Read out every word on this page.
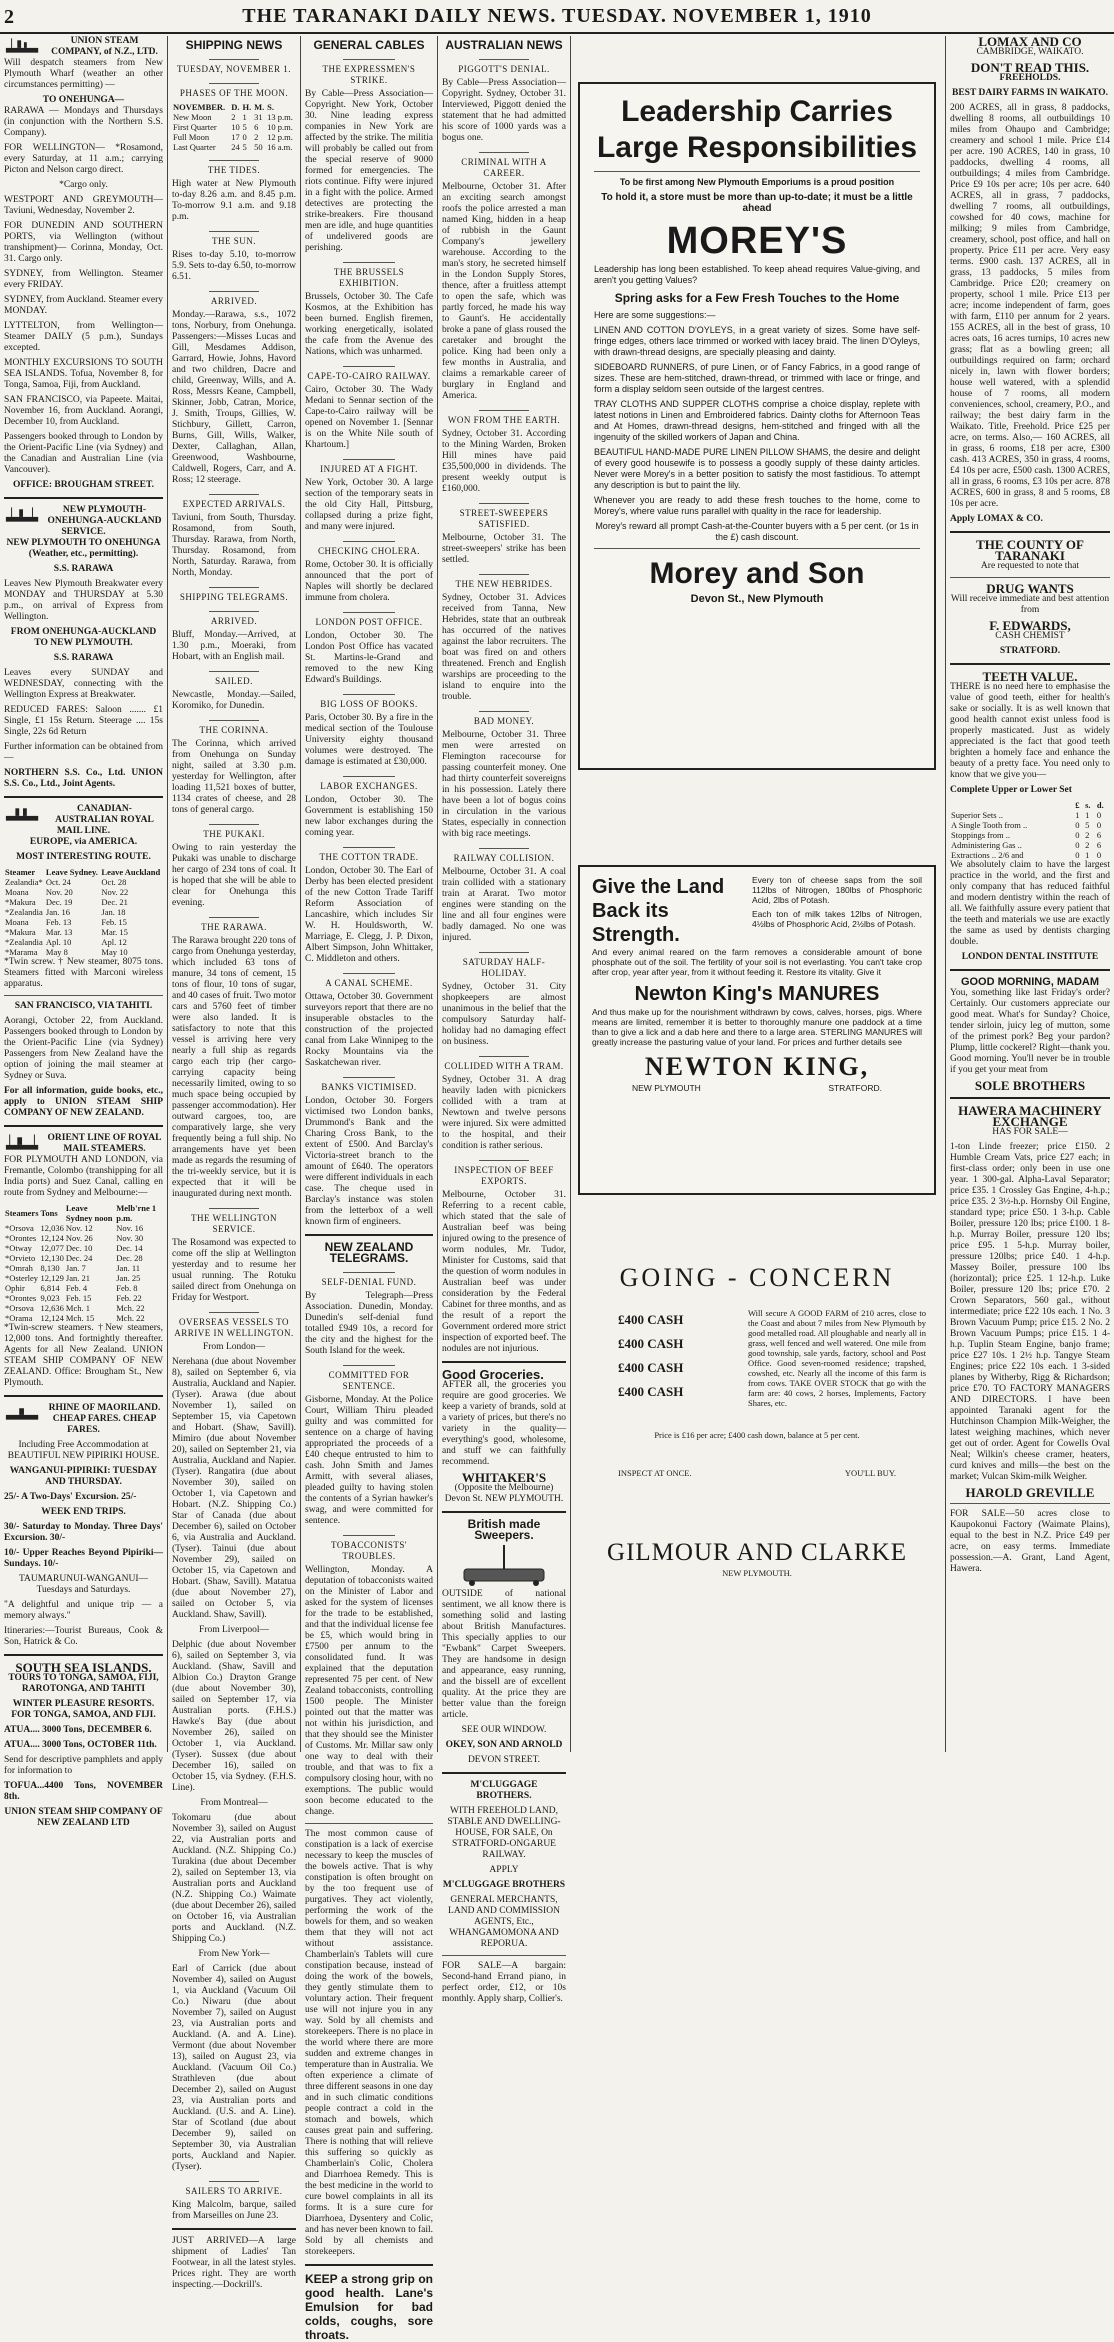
2	THE TARANAKI DAILY NEWS. TUESDAY. NOVEMBER 1, 1910
UNION STEAM COMPANY, of N.Z., LTD.

Will despatch steamers from New Plymouth Wharf (weather an other circumstances permitting) —

TO ONEHUNGA—

RARAWA — Mondays and Thursdays (in conjunction with the Northern S.S. Company).

FOR WELLINGTON— *Rosamond, every Saturday, at 11 a.m.; carrying Picton and Nelson cargo direct.

*Cargo only.

WESTPORT AND GREYMOUTH— Taviuni, Wednesday, November 2.

FOR DUNEDIN AND SOUTHERN PORTS, via Wellington (without transhipment)— Corinna, Monday, Oct. 31. Cargo only.

SYDNEY, from Wellington. Steamer every FRIDAY.

SYDNEY, from Auckland. Steamer every MONDAY.

LYTTELTON, from Wellington— Steamer DAILY (5 p.m.), Sundays excepted.

MONTHLY EXCURSIONS TO SOUTH SEA ISLANDS. Tofua, November 8, for Tonga, Samoa, Fiji, from Auckland.

SAN FRANCISCO, via Papeete. Maitai, November 16, from Auckland. Aorangi, December 10, from Auckland.

Passengers booked through to London by the Orient-Pacific Line (via Sydney) and the Canadian and Australian Line (via Vancouver).

OFFICE: BROUGHAM STREET.

NEW PLYMOUTH-ONEHUNGA-AUCKLAND SERVICE.

NEW PLYMOUTH TO ONEHUNGA (Weather, etc., permitting).

S.S. RARAWA

Leaves New Plymouth Breakwater every MONDAY and THURSDAY at 5.30 p.m., on arrival of Express from Wellington.

FROM ONEHUNGA-AUCKLAND TO NEW PLYMOUTH.

S.S. RARAWA

Leaves every SUNDAY and WEDNESDAY, connecting with the Wellington Express at Breakwater.

REDUCED FARES: Saloon ....... £1 Single, £1 15s Return. Steerage .... 15s Single, 22s 6d Return

Further information can be obtained from—

NORTHERN S.S. Co., Ltd. UNION S.S. Co., Ltd., Joint Agents.

CANADIAN-AUSTRALIAN ROYAL MAIL LINE.

EUROPE, via AMERICA.

MOST INTERESTING ROUTE.

Steamer	Leave Sydney.	Leave Auckland
Zealandia*	Oct. 24	Oct. 28
Moana	Nov. 20	Nov. 22
*Makura	Dec. 19	Dec. 21
*Zealandia	Jan. 16	Jan. 18
Moana	Feb. 13	Feb. 15
*Makura	Mar. 13	Mar. 15
*Zealandia	Apl. 10	Apl. 12
*Marama	May 8	May 10

*Twin screw. † New steamer, 8075 tons. Steamers fitted with Marconi wireless apparatus.

SAN FRANCISCO, VIA TAHITI.

Aorangi, October 22, from Auckland. Passengers booked through to London by the Orient-Pacific Line (via Sydney) Passengers from New Zealand have the option of joining the mail steamer at Sydney or Suva.

For all information, guide books, etc., apply to UNION STEAM SHIP COMPANY OF NEW ZEALAND.

ORIENT LINE OF ROYAL MAIL STEAMERS.

FOR PLYMOUTH AND LONDON, via Fremantle, Colombo (transhipping for all India ports) and Suez Canal, calling en route from Sydney and Melbourne:—

Steamers	Tons	Leave Sydney noon	Melb'rne 1 p.m.
*Orsova	12,036	Nov. 12	Nov. 16
*Orontes	12,124	Nov. 26	Nov. 30
*Otway	12,077	Dec. 10	Dec. 14
*Orvieto	12,130	Dec. 24	Dec. 28
*Omrah	8,130	Jan. 7	Jan. 11
*Osterley	12,129	Jan. 21	Jan. 25
Ophir	6,814	Feb. 4	Feb. 8
*Orontes	9,023	Feb. 15	Feb. 22
*Orsova	12,636	Mch. 1	Mch. 22
*Orama	12,124	Mch. 15	Mch. 22

*Twin-screw steamers. †New steamers, 12,000 tons. And fortnightly thereafter. Agents for all New Zealand. UNION STEAM SHIP COMPANY OF NEW ZEALAND. Office: Brougham St., New Plymouth.

RHINE OF MAORILAND.

CHEAP FARES. CHEAP FARES.

Including Free Accommodation at BEAUTIFUL NEW PIPIRIKI HOUSE.

WANGANUI-PIPIRIKI: TUESDAY AND THURSDAY.

25/- A Two-Days' Excursion. 25/-

WEEK END TRIPS.

30/- Saturday to Monday. Three Days' Excursion. 30/-

10/- Upper Reaches Beyond Pipiriki—Sundays. 10/-

TAUMARUNUI-WANGANUI— Tuesdays and Saturdays.

"A delightful and unique trip — a memory always."

Itineraries:—Tourist Bureaus, Cook & Son, Hatrick & Co.

SOUTH SEA ISLANDS.

TOURS TO TONGA, SAMOA, FIJI, RAROTONGA, AND TAHITI

WINTER PLEASURE RESORTS. FOR TONGA, SAMOA, AND FIJI.

ATUA.... 3000 Tons, DECEMBER 6.

ATUA.... 3000 Tons, OCTOBER 11th.

Send for descriptive pamphlets and apply for information to

TOFUA...4400 Tons, NOVEMBER 8th.

UNION STEAM SHIP COMPANY OF NEW ZEALAND LTD

SHIPPING NEWS
TUESDAY, NOVEMBER 1.
PHASES OF THE MOON.
NOVEMBER.	D.	H.	M.	S.
New Moon	2	1	31	13 p.m.
First Quarter	10	5	6	10 p.m.
Full Moon	17	0	2	12 p.m.
Last Quarter	24	5	50	16 a.m.
THE TIDES.

High water at New Plymouth to-day 8.26 a.m. and 8.45 p.m. To-morrow 9.1 a.m. and 9.18 p.m.

THE SUN.

Rises to-day 5.10, to-morrow 5.9. Sets to-day 6.50, to-morrow 6.51.

ARRIVED.

Monday.—Rarawa, s.s., 1072 tons, Norbury, from Onehunga. Passengers:—Misses Lucas and Gill, Mesdames Addison, Garrard, Howie, Johns, Havord and two children, Dacre and child, Greenway, Wills, and A. Ross, Messrs Keane, Campbell, Skinner, Jobb, Catran, Morice, J. Smith, Troups, Gillies, W. Stichbury, Gillett, Carron, Burns, Gill, Wills, Walker, Dexter, Callaghan, Allan, Greenwood, Washbourne, Caldwell, Rogers, Carr, and A. Ross; 12 steerage.

EXPECTED ARRIVALS.

Taviuni, from South, Thursday. Rosamond, from South, Thursday. Rarawa, from North, Thursday. Rosamond, from North, Saturday. Rarawa, from North, Monday.

SHIPPING TELEGRAMS.
ARRIVED.

Bluff, Monday.—Arrived, at 1.30 p.m., Moeraki, from Hobart, with an English mail.

SAILED.

Newcastle, Monday.—Sailed, Koromiko, for Dunedin.

THE CORINNA.

The Corinna, which arrived from Onehunga on Sunday night, sailed at 3.30 p.m. yesterday for Wellington, after loading 11,521 boxes of butter, 1134 crates of cheese, and 28 tons of general cargo.

THE PUKAKI.

Owing to rain yesterday the Pukaki was unable to discharge her cargo of 234 tons of coal. It is hoped that she will be able to clear for Onehunga this evening.

THE RARAWA.

The Rarawa brought 220 tons of cargo from Onehunga yesterday, which included 63 tons of manure, 34 tons of cement, 15 tons of flour, 10 tons of sugar, and 40 cases of fruit. Two motor cars and 5760 feet of timber were also landed. It is satisfactory to note that this vessel is arriving here very nearly a full ship as regards cargo each trip (her cargo-carrying capacity being necessarily limited, owing to so much space being occupied by passenger accommodation). Her outward cargoes, too, are comparatively large, she very frequently being a full ship. No arrangements have yet been made as regards the resuming of the tri-weekly service, but it is expected that it will be inaugurated during next month.

THE WELLINGTON SERVICE.

The Rosamond was expected to come off the slip at Wellington yesterday and to resume her usual running. The Rotuku sailed direct from Onehunga on Friday for Westport.

OVERSEAS VESSELS TO ARRIVE IN WELLINGTON.

From London—

Nerehana (due about November 8), sailed on September 6, via Australia, Auckland and Napier. (Tyser). Arawa (due about November 1), sailed on September 15, via Capetown and Hobart. (Shaw, Savill). Mimiro (due about November 20), sailed on September 21, via Australia, Auckland and Napier. (Tyser). Rangatira (due about November 30), sailed on October 1, via Capetown and Hobart. (N.Z. Shipping Co.) Star of Canada (due about December 6), sailed on October 6, via Australia and Auckland. (Tyser). Tainui (due about November 29), sailed on October 15, via Capetown and Hobart. (Shaw, Savill). Matatua (due about November 27), sailed on October 5, via Auckland. Shaw, Savill).

From Liverpool—

Delphic (due about November 6), sailed on September 3, via Auckland. (Shaw, Savill and Albion Co.) Drayton Grange (due about November 30), sailed on September 17, via Australian ports. (F.H.S.) Hawke's Bay (due about November 26), sailed on October 1, via Auckland. (Tyser). Sussex (due about December 16), sailed on October 15, via Sydney. (F.H.S. Line).

From Montreal—

Tokomaru (due about November 3), sailed on August 22, via Australian ports and Auckland. (N.Z. Shipping Co.) Turakina (due about December 2), sailed on September 13, via Australian ports and Auckland (N.Z. Shipping Co.) Waimate (due about December 26), sailed on October 16, via Australian ports and Auckland. (N.Z. Shipping Co.)

From New York—

Earl of Carrick (due about November 4), sailed on August 1, via Auckland (Vacuum Oil Co.) Niwaru (due about November 7), sailed on August 23, via Australian ports and Auckland. (A. and A. Line). Vermont (due about November 13), sailed on August 23, via Auckland. (Vacuum Oil Co.) Strathleven (due about December 2), sailed on August 23, via Australian ports and Auckland. (U.S. and A. Line). Star of Scotland (due about December 9), sailed on September 30, via Australian ports, Auckland and Napier. (Tyser).

SAILERS TO ARRIVE.

King Malcolm, barque, sailed from Marseilles on June 23.

JUST ARRIVED—A large shipment of Ladies' Tan Footwear, in all the latest styles. Prices right. They are worth inspecting.—Dockrill's.

GENERAL CABLES
THE EXPRESSMEN'S STRIKE.

By Cable—Press Association—Copyright. New York, October 30. Nine leading express companies in New York are affected by the strike. The militia will probably be called out from the special reserve of 9000 formed for emergencies. The riots continue. Fifty were injured in a fight with the police. Armed detectives are protecting the strike-breakers. Fire thousand men are idle, and huge quantities of undelivered goods are perishing.

THE BRUSSELS EXHIBITION.

Brussels, October 30. The Cafe Kosmos, at the Exhibition has been burned. English firemen, working energetically, isolated the cafe from the Avenue des Nations, which was unharmed.

CAPE-TO-CAIRO RAILWAY.

Cairo, October 30. The Wady Medani to Sennar section of the Cape-to-Cairo railway will be opened on November 1. [Sennar is on the White Nile south of Khartoum.]

INJURED AT A FIGHT.

New York, October 30. A large section of the temporary seats in the old City Hall, Pittsburg, collapsed during a prize fight, and many were injured.

CHECKING CHOLERA.

Rome, October 30. It is officially announced that the port of Naples will shortly be declared immune from cholera.

LONDON POST OFFICE.

London, October 30. The London Post Office has vacated St. Martins-le-Grand and removed to the new King Edward's Buildings.

BIG LOSS OF BOOKS.

Paris, October 30. By a fire in the medical section of the Toulouse University eighty thousand volumes were destroyed. The damage is estimated at £30,000.

LABOR EXCHANGES.

London, October 30. The Government is establishing 150 new labor exchanges during the coming year.

THE COTTON TRADE.

London, October 30. The Earl of Derby has been elected president of the new Cotton Trade Tariff Reform Association of Lancashire, which includes Sir W. H. Houldsworth, W. Marriage, E. Clegg, J. P. Dixon, Albert Simpson, John Whittaker, C. Middleton and others.

A CANAL SCHEME.

Ottawa, October 30. Government surveyors report that there are no insuperable obstacles to the construction of the projected canal from Lake Winnipeg to the Rocky Mountains via the Saskatchewan river.

BANKS VICTIMISED.

London, October 30. Forgers victimised two London banks, Drummond's Bank and the Charing Cross Bank, to the extent of £500. And Barclay's Victoria-street branch to the amount of £640. The operators were different individuals in each case. The cheque used in Barclay's instance was stolen from the letterbox of a well known firm of engineers.

NEW ZEALAND TELEGRAMS.
SELF-DENIAL FUND.

By Telegraph—Press Association. Dunedin, Monday. Dunedin's self-denial fund totalled £949 10s, a record for the city and the highest for the South Island for the week.

COMMITTED FOR SENTENCE.

Gisborne, Monday. At the Police Court, William Thiru pleaded guilty and was committed for sentence on a charge of having appropriated the proceeds of a £40 cheque entrusted to him to cash. John Smith and James Armitt, with several aliases, pleaded guilty to having stolen the contents of a Syrian hawker's swag, and were committed for sentence.

TOBACCONISTS' TROUBLES.

Wellington, Monday. A deputation of tobacconists waited on the Minister of Labor and asked for the system of licenses for the trade to be established, and that the individual license fee be £5, which would bring in £7500 per annum to the consolidated fund. It was explained that the deputation represented 75 per cent. of New Zealand tobacconists, controlling 1500 people. The Minister pointed out that the matter was not within his jurisdiction, and that they should see the Minister of Customs. Mr. Millar saw only one way to deal with their trouble, and that was to fix a compulsory closing hour, with no exemptions. The public would soon become educated to the change.

The most common cause of constipation is a lack of exercise necessary to keep the muscles of the bowels active. That is why constipation is often brought on by the too frequent use of purgatives. They act violently, performing the work of the bowels for them, and so weaken them that they will not act without assistance. Chamberlain's Tablets will cure constipation because, instead of doing the work of the bowels, they gently stimulate them to voluntary action. Their frequent use will not injure you in any way. Sold by all chemists and storekeepers. There is no place in the world where there are more sudden and extreme changes in temperature than in Australia. We often experience a climate of three different seasons in one day and in such climatic conditions people contract a cold in the stomach and bowels, which causes great pain and suffering. There is nothing that will relieve this suffering so quickly as Chamberlain's Colic, Cholera and Diarrhoea Remedy. This is the best medicine in the world to cure bowel complaints in all its forms. It is a sure cure for Diarrhoea, Dysentery and Colic, and has never been known to fail. Sold by all chemists and storekeepers.

KEEP a strong grip on good health. Lane's Emulsion for bad colds, coughs, sore throats.

AUSTRALIAN NEWS
PIGGOTT'S DENIAL.

By Cable—Press Association—Copyright. Sydney, October 31. Interviewed, Piggott denied the statement that he had admitted his score of 1000 yards was a bogus one.

CRIMINAL WITH A CAREER.

Melbourne, October 31. After an exciting search amongst roofs the police arrested a man named King, hidden in a heap of rubbish in the Gaunt Company's jewellery warehouse. According to the man's story, he secreted himself in the London Supply Stores, thence, after a fruitless attempt to open the safe, which was partly forced, he made his way to Gaunt's. He accidentally broke a pane of glass roused the caretaker and brought the police. King had been only a few months in Australia, and claims a remarkable career of burglary in England and America.

WON FROM THE EARTH.

Sydney, October 31. According to the Mining Warden, Broken Hill mines have paid £35,500,000 in dividends. The present weekly output is £160,000.

STREET-SWEEPERS SATISFIED.

Melbourne, October 31. The street-sweepers' strike has been settled.

THE NEW HEBRIDES.

Sydney, October 31. Advices received from Tanna, New Hebrides, state that an outbreak has occurred of the natives against the labor recruiters. The boat was fired on and others threatened. French and English warships are proceeding to the island to enquire into the trouble.

BAD MONEY.

Melbourne, October 31. Three men were arrested on Flemington racecourse for passing counterfeit money. One had thirty counterfeit sovereigns in his possession. Lately there have been a lot of bogus coins in circulation in the various States, especially in connection with big race meetings.

RAILWAY COLLISION.

Melbourne, October 31. A coal train collided with a stationary train at Ararat. Two motor engines were standing on the line and all four engines were badly damaged. No one was injured.

SATURDAY HALF-HOLIDAY.

Sydney, October 31. City shopkeepers are almost unanimous in the belief that the compulsory Saturday half-holiday had no damaging effect on business.

COLLIDED WITH A TRAM.

Sydney, October 31. A drag heavily laden with picnickers collided with a tram at Newtown and twelve persons were injured. Six were admitted to the hospital, and their condition is rather serious.

INSPECTION OF BEEF EXPORTS.

Melbourne, October 31. Referring to a recent cable, which stated that the sale of Australian beef was being injured owing to the presence of worm nodules, Mr. Tudor, Minister for Customs, said that the question of worm nodules in Australian beef was under consideration by the Federal Cabinet for three months, and as the result of a report the Government ordered more strict inspection of exported beef. The nodules are not injurious.

Good Groceries.

AFTER all, the groceries you require are good groceries. We keep a variety of brands, sold at a variety of prices, but there's no variety in the quality—everything's good, wholesome, and stuff we can faithfully recommend.

WHITAKER'S

(Opposite the Melbourne) Devon St. NEW PLYMOUTH.

British made Sweepers.

OUTSIDE of national sentiment, we all know there is something solid and lasting about British Manufactures. This specially applies to our "Ewbank" Carpet Sweepers. They are handsome in design and appearance, easy running, and the bissell are of excellent quality. At the price they are better value than the foreign article.

SEE OUR WINDOW.

OKEY, SON AND ARNOLD

DEVON STREET.

M'CLUGGAGE BROTHERS.

WITH FREEHOLD LAND, STABLE AND DWELLING-HOUSE, FOR SALE, On STRATFORD-ONGARUE RAILWAY.

APPLY

M'CLUGGAGE BROTHERS

GENERAL MERCHANTS, LAND AND COMMISSION AGENTS, Etc., WHANGAMOMONA AND REPORUA.

FOR SALE—A bargain: Second-hand Errand piano, in perfect order, £12, or 10s monthly. Apply sharp, Collier's.

Leadership Carries Large Responsibilities

To be first among New Plymouth Emporiums is a proud position

To hold it, a store must be more than up-to-date; it must be a little ahead

MOREY'S

Leadership has long been established. To keep ahead requires Value-giving, and aren't you getting Values?

Spring asks for a Few Fresh Touches to the Home

Here are some suggestions:—

LINEN AND COTTON D'OYLEYS, in a great variety of sizes. Some have self-fringe edges, others lace trimmed or worked with lacey braid. The linen D'Oyleys, with drawn-thread designs, are specially pleasing and dainty.

SIDEBOARD RUNNERS, of pure Linen, or of Fancy Fabrics, in a good range of sizes. These are hem-stitched, drawn-thread, or trimmed with lace or fringe, and form a display seldom seen outside of the largest centres.

TRAY CLOTHS AND SUPPER CLOTHS comprise a choice display, replete with latest notions in Linen and Embroidered fabrics. Dainty cloths for Afternoon Teas and At Homes, drawn-thread designs, hem-stitched and fringed with all the ingenuity of the skilled workers of Japan and China.

BEAUTIFUL HAND-MADE PURE LINEN PILLOW SHAMS, the desire and delight of every good housewife is to possess a goodly supply of these dainty articles. Never were Morey's in a better position to satisfy the most fastidious. To attempt any description is but to paint the lily.

Whenever you are ready to add these fresh touches to the home, come to Morey's, where value runs parallel with quality in the race for leadership.

Morey's reward all prompt Cash-at-the-Counter buyers with a 5 per cent. (or 1s in the £) cash discount.

Morey and Son

Devon St., New Plymouth

Give the Land Back its Strength.

Every ton of cheese saps from the soil 112lbs of Nitrogen, 180lbs of Phosphoric Acid, 2lbs of Potash.

Each ton of milk takes 12lbs of Nitrogen, 4½lbs of Phosphoric Acid, 2½lbs of Potash.

And every animal reared on the farm removes a considerable amount of bone phosphate out of the soil. The fertility of your soil is not everlasting. You can't take crop after crop, year after year, from it without feeding it. Restore its vitality. Give it

Newton King's MANURES

And thus make up for the nourishment withdrawn by cows, calves, horses, pigs. Where means are limited, remember it is better to thoroughly manure one paddock at a time than to give a lick and a dab here and there to a large area. STERLING MANURES will greatly increase the pasturing value of your land. For prices and further details see

NEWTON KING,
NEW PLYMOUTH	STRATFORD.
GOING - CONCERN
£400 CASH
£400 CASH
£400 CASH
£400 CASH

Will secure A GOOD FARM of 210 acres, close to the Coast and about 7 miles from New Plymouth by good metalled road. All ploughable and nearly all in grass, well fenced and well watered. One mile from good township, sale yards, factory, school and Post Office. Good seven-roomed residence; trapshed, cowshed, etc. Nearly all the income of this farm is from cows. TAKE OVER STOCK that go with the farm are: 40 cows, 2 horses, Implements, Factory Shares, etc.

Price is £16 per acre; £400 cash down, balance at 5 per cent.

INSPECT AT ONCE.	YOU'LL BUY.
GILMOUR AND CLARKE

NEW PLYMOUTH.

LOMAX AND CO

CAMBRIDGE, WAIKATO.

DON'T READ THIS.

FREEHOLDS.

BEST DAIRY FARMS IN WAIKATO.

200 ACRES, all in grass, 8 paddocks, dwelling 8 rooms, all outbuildings 10 miles from Ohaupo and Cambridge; creamery and school 1 mile. Price £14 per acre. 190 ACRES, 140 in grass, 10 paddocks, dwelling 4 rooms, all outbuildings; 4 miles from Cambridge. Price £9 10s per acre; 10s per acre. 640 ACRES, all in grass, 7 paddocks, dwelling 7 rooms, all outbuildings, cowshed for 40 cows, machine for milking; 9 miles from Cambridge, creamery, school, post office, and hall on property. Price £11 per acre. Very easy terms. £900 cash. 137 ACRES, all in grass, 13 paddocks, 5 miles from Cambridge. Price £20; creamery on property, school 1 mile. Price £13 per acre; income independent of farm, goes with farm, £110 per annum for 2 years. 155 ACRES, all in the best of grass, 10 acres oats, 16 acres turnips, 10 acres new grass; flat as a bowling green; all outbuildings required on farm; orchard nicely in, lawn with flower borders; house well watered, with a splendid house of 7 rooms, all modern conveniences, school, creamery, P.O., and railway; the best dairy farm in the Waikato. Title, Freehold. Price £25 per acre, on terms. Also,— 160 ACRES, all in grass, 6 rooms, £18 per acre, £300 cash. 413 ACRES, 350 in grass, 4 rooms, £4 10s per acre, £500 cash. 1300 ACRES, all in grass, 6 rooms, £3 10s per acre. 878 ACRES, 600 in grass, 8 and 5 rooms, £8 10s per acre.

Apply LOMAX & CO.

THE COUNTY OF TARANAKI

Are requested to note that

DRUG WANTS

Will receive immediate and best attention from

F. EDWARDS,

CASH CHEMIST

STRATFORD.

TEETH VALUE.

THERE is no need here to emphasise the value of good teeth, either for health's sake or socially. It is as well known that good health cannot exist unless food is properly masticated. Just as widely appreciated is the fact that good teeth brighten a homely face and enhance the beauty of a pretty face. You need only to know that we give you—

Complete Upper or Lower Set

	£	s.	d.
Superior Sets ..	1	1	0
A Single Tooth from ..	0	5	0
Stoppings from ..	0	2	6
Administering Gas ..	0	2	6
Extractions .. 2/6 and	0	1	0

We absolutely claim to have the largest practice in the world, and the first and only company that has reduced faithful and modern dentistry within the reach of all. We faithfully assure every patient that the teeth and materials we use are exactly the same as used by dentists charging double.

LONDON DENTAL INSTITUTE

GOOD MORNING, MADAM

You, something like last Friday's order? Certainly. Our customers appreciate our good meat. What's for Sunday? Choice, tender sirloin, juicy leg of mutton, some of the primest pork? Beg your pardon? Plump, little cockerel? Right—thank you. Good morning. You'll never be in trouble if you get your meat from

SOLE BROTHERS
HAWERA MACHINERY EXCHANGE

HAS FOR SALE—

1-ton Linde freezer; price £150. 2 Humble Cream Vats, price £27 each; in first-class order; only been in use one year. 1 300-gal. Alpha-Laval Separator; price £35. 1 Crossley Gas Engine, 4-h.p.; price £35. 2 3½-h.p. Hornsby Oil Engine, standard type; price £50. 1 3-h.p. Cable Boiler, pressure 120 lbs; price £100. 1 8-h.p. Murray Boiler, pressure 120 lbs; price £95. 1 5-h.p. Murray boiler, pressure 120lbs; price £40. 1 4-h.p. Massey Boiler, pressure 100 lbs (horizontal); price £25. 1 12-h.p. Luke Boiler, pressure 120 lbs; price £70. 2 Crown Separators, 560 gal., without intermediate; price £22 10s each. 1 No. 3 Brown Vacuum Pump; price £15. 2 No. 2 Brown Vacuum Pumps; price £15. 1 4-h.p. Tuplin Steam Engine, banjo frame; price £27 10s. 1 2½ h.p. Tangye Steam Engines; price £22 10s each. 1 3-sided planes by Witherby, Rigg & Richardson; price £70. TO FACTORY MANAGERS AND DIRECTORS. I have been appointed Taranaki agent for the Hutchinson Champion Milk-Weigher, the latest weighing machines, which never get out of order. Agent for Cowells Oval Neal; Wilkin's cheese cramer, heaters, curd knives and mills—the best on the market; Vulcan Skim-milk Weigher.

HAROLD GREVILLE

FOR SALE—50 acres close to Kaupokonui Factory (Waimate Plains), equal to the best in N.Z. Price £49 per acre, on easy terms. Immediate possession.—A. Grant, Land Agent, Hawera.
